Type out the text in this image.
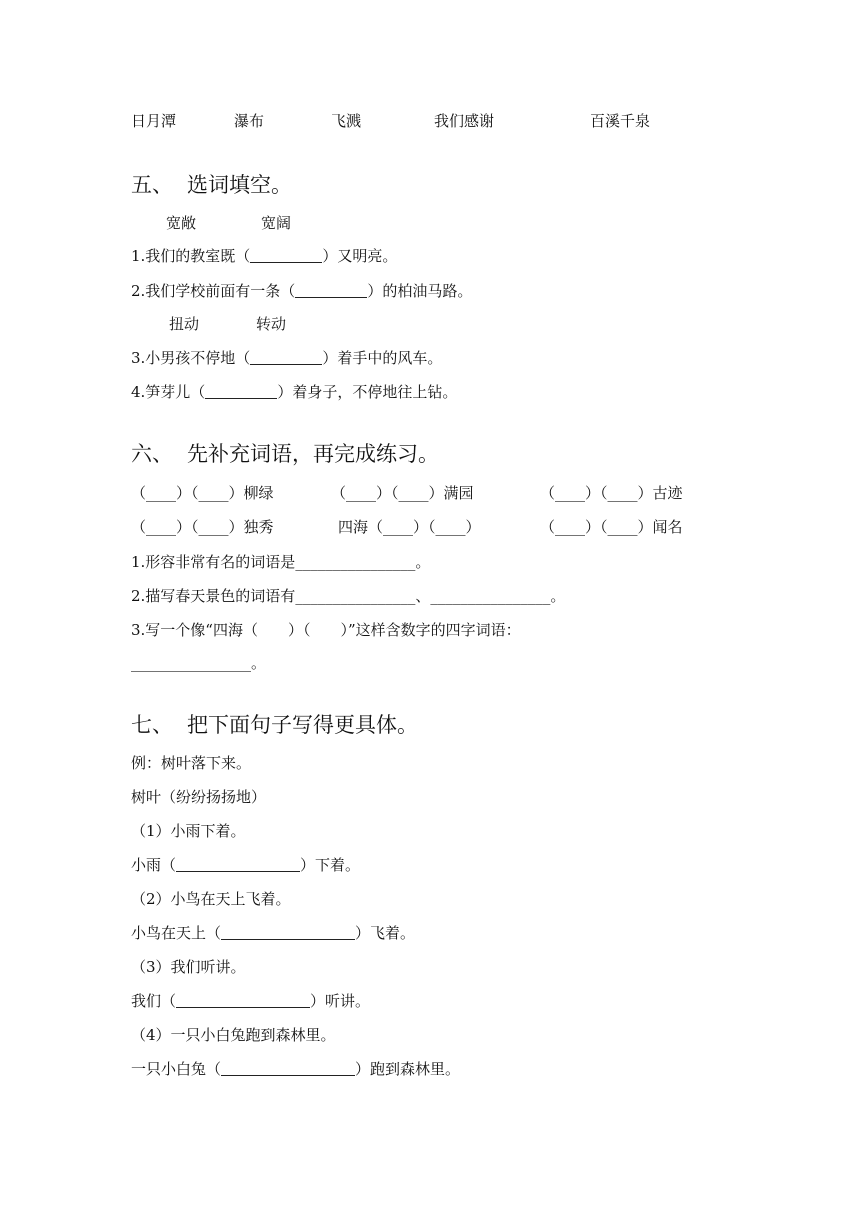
日月潭	瀑布	飞溅	我们感谢	百溪千泉
五、 选词填空。
宽敞	宽阔
1.我们的教室既（	）又明亮。
2.我们学校前面有一条（	）的柏油马路。
扭动	转动
3.小男孩不停地（	）着手中的风车。
4.笋芽儿（	）着身子，不停地往上钻。
六、 先补充词语，再完成练习。
（____）（____）柳绿	（____）（____）满园	（____）（____）古迹
（____）（____）独秀	四海（____）（____）	（____）（____）闻名
1.形容非常有名的词语是________________。
2.描写春天景色的词语有________________、________________。
3.写一个像“四海（　　）（　　）”这样含数字的四字词语：
________________。
七、 把下面句子写得更具体。
例：树叶落下来。
树叶（纷纷扬扬地）
（1）小雨下着。
小雨（	）下着。
（2）小鸟在天上飞着。
小鸟在天上（	）飞着。
（3）我们听讲。
我们（	）听讲。
（4）一只小白兔跑到森林里。
一只小白兔（	）跑到森林里。
